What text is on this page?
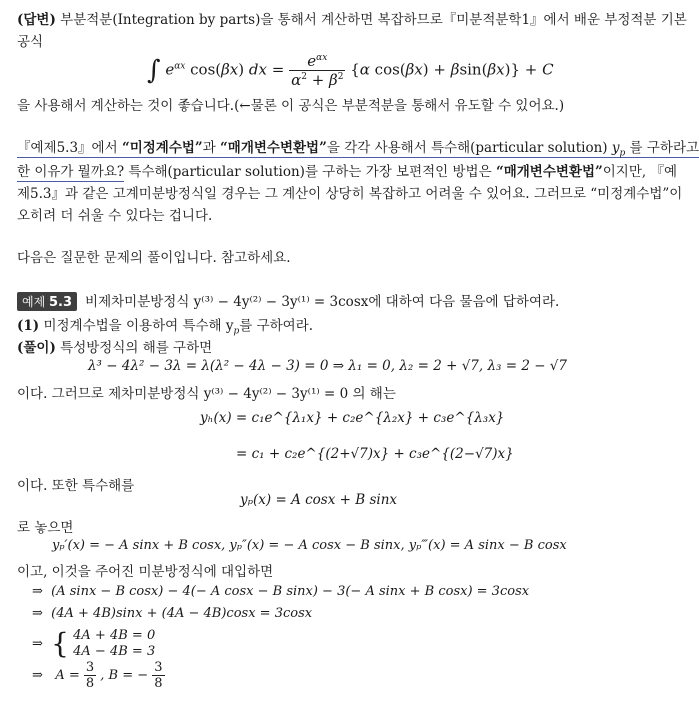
(답변) 부분적분(Integration by parts)을 통해서 계산하면 복잡하므로『미분적분학1』에서 배운 부정적분 기본
공식
∫ $e^{\alpha x}$ cos(βx) dx = $\frac{e^{\alpha x}}{\alpha^2 + \beta^2} \{\alpha$ cos(βx) + βsin(βx)} + C
을 사용해서 계산하는 것이 좋습니다.(←물론 이 공식은 부분적분을 통해서 유도할 수 있어요.)
『예제5.3』에서 “미정계수법”과 “매개변수변환법”을 각각 사용해서 특수해(particular solution) $y_p$ 를 구하라고
한 이유가 뭘까요? 특수해(particular solution)를 구하는 가장 보편적인 방법은 “매개변수변환법”이지만, 『예
제5.3』과 같은 고계미분방정식일 경우는 그 계산이 상당히 복잡하고 어려울 수 있어요. 그러므로 “미정계수법”이
오히려 더 쉬울 수 있다는 겁니다.
다음은 질문한 문제의 풀이입니다. 참고하세요.
예제 5.3 비제차미분방정식 y⁽³⁾ − 4y⁽²⁾ − 3y⁽¹⁾ = 3cosx에 대하여 다음 물음에 답하여라.
(1) 미정계수법을 이용하여 특수해 $y_p$를 구하여라.
(풀이) 특성방정식의 해를 구하면
λ³ − 4λ² − 3λ = λ(λ² − 4λ − 3) = 0 ⇒ λ₁ = 0, λ₂ = 2 + √7, λ₃ = 2 − √7
이다. 그러므로 제차미분방정식 y⁽³⁾ − 4y⁽²⁾ − 3y⁽¹⁾ = 0 의 해는
yₕ(x) = c₁e^{λ₁x} + c₂e^{λ₂x} + c₃e^{λ₃x}
= c₁ + c₂e^{(2+√7)x} + c₃e^{(2−√7)x}
이다. 또한 특수해를
yₚ(x) = A cosx + B sinx
로 놓으면
yₚ′(x) = − A sinx + B cosx, yₚ″(x) = − A cosx − B sinx, yₚ‴(x) = A sinx − B cosx
이고, 이것을 주어진 미분방정식에 대입하면
⇒ (A sinx − B cosx) − 4(− A cosx − B sinx) − 3(− A sinx + B cosx) = 3cosx
⇒ (4A + 4B)sinx + (4A − 4B)cosx = 3cosx
⇒ { 4A + 4B = 0
4A − 4B = 3
⇒ $A = \frac{3}{8}$ , B = − $\frac{3}{8}$
